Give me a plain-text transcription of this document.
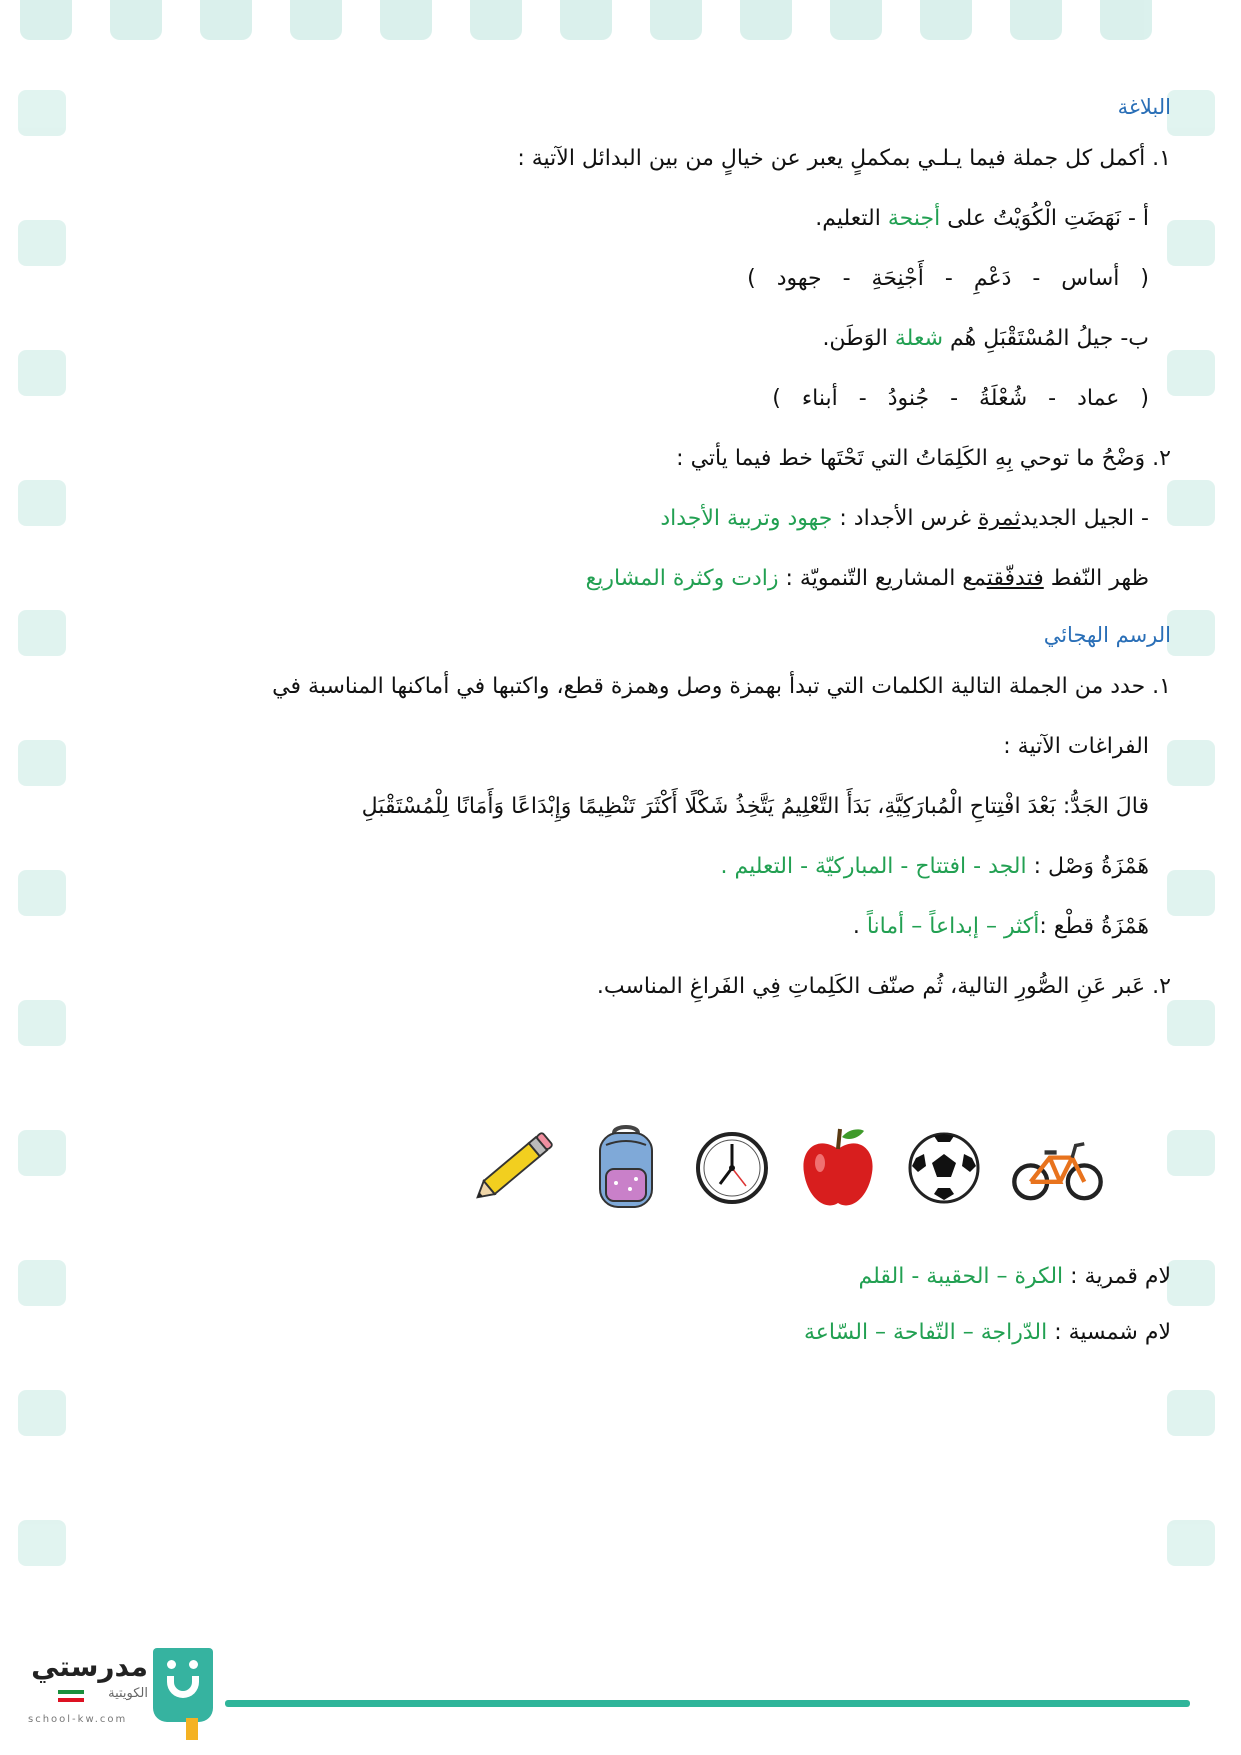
البلاغة
١. أكمل كل جملة فيما يـلـي بمكملٍ يعبر عن خيالٍ من بين البدائل الآتية :
أ - نَهَضَتِ الْكُوَيْتُ على أجنحة التعليم.
( أساس - دَعْمِ - أَجْنِحَةِ - جهود )
ب- جيلُ المُسْتَقْبَلِ هُم شعلة الوَطَن.
( عماد - شُعْلَةُ - جُنودُ - أبناء )
٢. وَضْحُ ما توحي بِهِ الكَلِمَاتُ التي تَحْتَها خط فيما يأتي :
- الجيل الجديدثمرة غرس الأجداد : جهود وتربية الأجداد
ظهر النّفط فتدفّقتمع المشاريع التّنمويّة : زادت وكثرة المشاريع
الرسم الهجائي
١. حدد من الجملة التالية الكلمات التي تبدأ بهمزة وصل وهمزة قطع، واكتبها في أماكنها المناسبة في
الفراغات الآتية :
قالَ الجَدُّ: بَعْدَ افْتِتاحِ الْمُبارَكِيَّةِ، بَدَأَ التَّعْلِيمُ يَتَّخِذُ شَكْلًا أَكْثَرَ تَنْظِيمًا وَإِبْدَاعًا وَأَمَانًا لِلْمُسْتَقْبَلِ
هَمْزَةُ وَصْل : الجد - افتتاح - المباركيّة - التعليم .
هَمْزَةُ قطْع :أكثر – إبداعاً – أماناً .
٢. عَبر عَنِ الصُّورِ التالية، ثُم صنّف الكَلِماتِ فِي الفَراغِ المناسب.
لام قمرية : الكرة – الحقيبة - القلم
لام شمسية : الدّراجة – التّفاحة – السّاعة
مدرستي
الكويتية
school-kw.com
